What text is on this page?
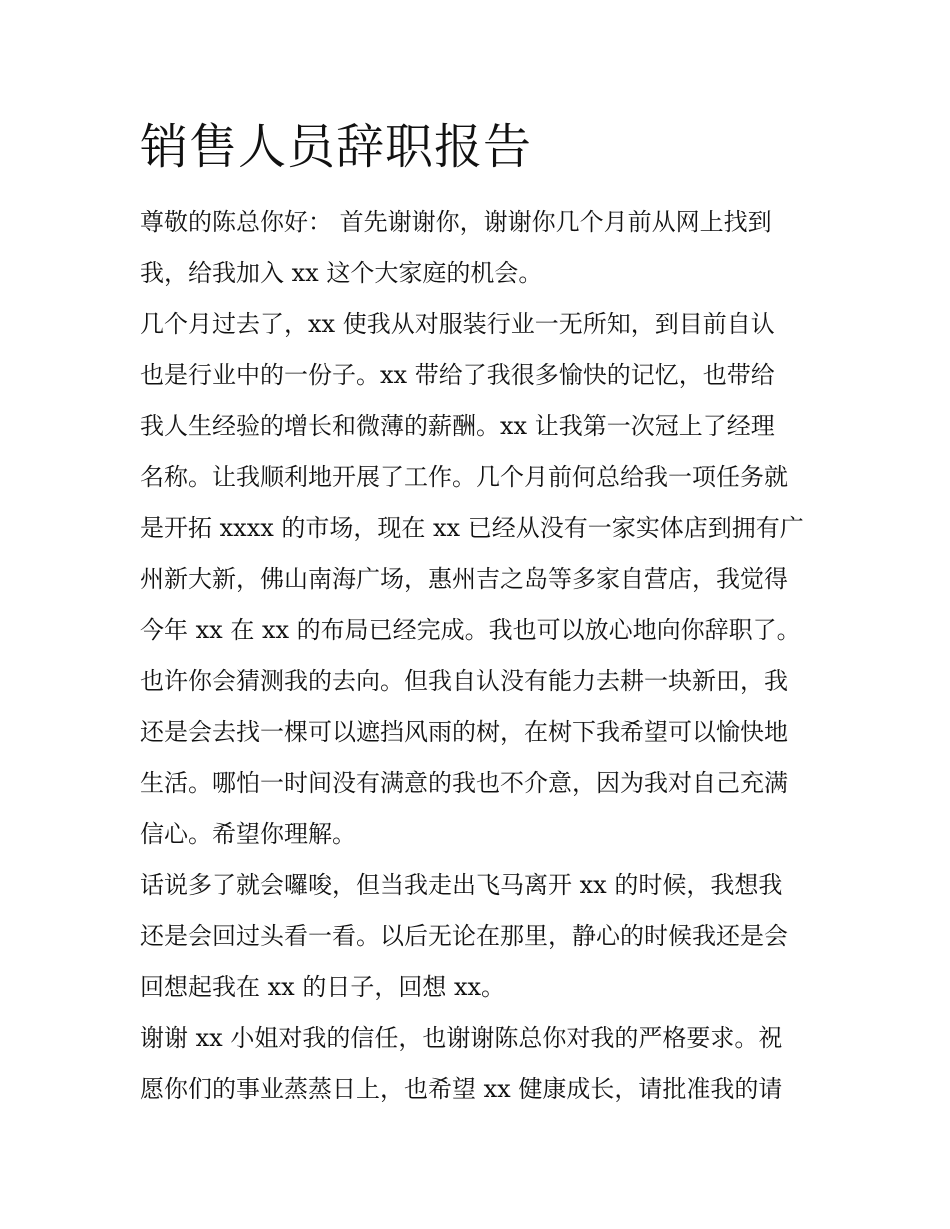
销售人员辞职报告

尊敬的陈总你好： 首先谢谢你，谢谢你几个月前从网上找到

我，给我加入 xx 这个大家庭的机会。

几个月过去了，xx 使我从对服装行业一无所知，到目前自认

也是行业中的一份子。xx 带给了我很多愉快的记忆，也带给

我人生经验的增长和微薄的薪酬。xx 让我第一次冠上了经理

名称。让我顺利地开展了工作。几个月前何总给我一项任务就

是开拓 xxxx 的市场，现在 xx 已经从没有一家实体店到拥有广

州新大新，佛山南海广场，惠州吉之岛等多家自营店，我觉得

今年 xx 在 xx 的布局已经完成。我也可以放心地向你辞职了。

也许你会猜测我的去向。但我自认没有能力去耕一块新田，我

还是会去找一棵可以遮挡风雨的树，在树下我希望可以愉快地

生活。哪怕一时间没有满意的我也不介意，因为我对自己充满

信心。希望你理解。

话说多了就会囉唆，但当我走出飞马离开 xx 的时候，我想我

还是会回过头看一看。以后无论在那里，静心的时候我还是会

回想起我在 xx 的日子，回想 xx。

谢谢 xx 小姐对我的信任，也谢谢陈总你对我的严格要求。祝

愿你们的事业蒸蒸日上，也希望 xx 健康成长，请批准我的请
